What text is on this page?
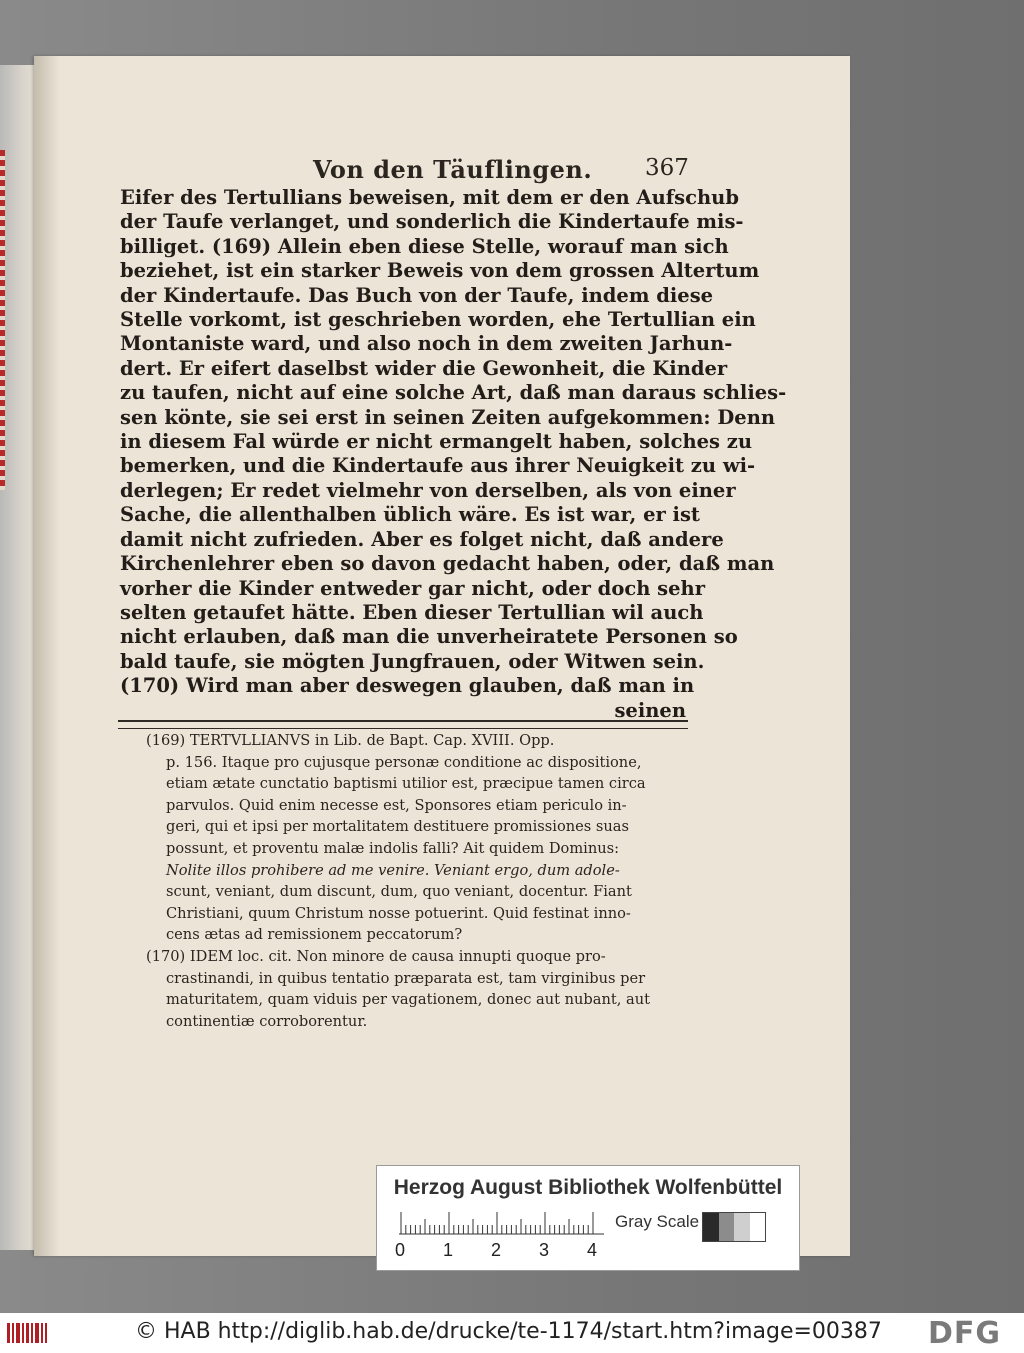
Von den Täuflingen. 367
Eifer des Tertullians beweisen, mit dem er den Aufschub
der Taufe verlanget, und sonderlich die Kindertaufe mis-
billiget. (169) Allein eben diese Stelle, worauf man sich
beziehet, ist ein starker Beweis von dem grossen Altertum
der Kindertaufe. Das Buch von der Taufe, indem diese
Stelle vorkomt, ist geschrieben worden, ehe Tertullian ein
Montaniste ward, und also noch in dem zweiten Jarhun-
dert. Er eifert daselbst wider die Gewonheit, die Kinder
zu taufen, nicht auf eine solche Art, daß man daraus schlies-
sen könte, sie sei erst in seinen Zeiten aufgekommen: Denn
in diesem Fal würde er nicht ermangelt haben, solches zu
bemerken, und die Kindertaufe aus ihrer Neuigkeit zu wi-
derlegen; Er redet vielmehr von derselben, als von einer
Sache, die allenthalben üblich wäre. Es ist war, er ist
damit nicht zufrieden. Aber es folget nicht, daß andere
Kirchenlehrer eben so davon gedacht haben, oder, daß man
vorher die Kinder entweder gar nicht, oder doch sehr
selten getaufet hätte. Eben dieser Tertullian wil auch
nicht erlauben, daß man die unverheiratete Personen so
bald taufe, sie mögten Jungfrauen, oder Witwen sein.
(170) Wird man aber deswegen glauben, daß man in
seinen
(169) TERTVLLIANVS in Lib. de Bapt. Cap. XVIII. Opp.
p. 156. Itaque pro cujusque personæ conditione ac dispositione,
etiam ætate cunctatio baptismi utilior est, præcipue tamen circa
parvulos. Quid enim necesse est, Sponsores etiam periculo in-
geri, qui et ipsi per mortalitatem destituere promissiones suas
possunt, et proventu malæ indolis falli? Ait quidem Dominus:
Nolite illos prohibere ad me venire. Veniant ergo, dum adole-
scunt, veniant, dum discunt, dum, quo veniant, docentur. Fiant
Christiani, quum Christum nosse potuerint. Quid festinat inno-
cens ætas ad remissionem peccatorum?
(170) IDEM loc. cit. Non minore de causa innupti quoque pro-
crastinandi, in quibus tentatio præparata est, tam virginibus per
maturitatem, quam viduis per vagationem, donec aut nubant, aut
continentiæ corroborentur.
Herzog August Bibliothek Wolfenbüttel
0 1 2 3 4
Gray Scale
© HAB http://diglib.hab.de/drucke/te-1174/start.htm?image=00387 DFG
